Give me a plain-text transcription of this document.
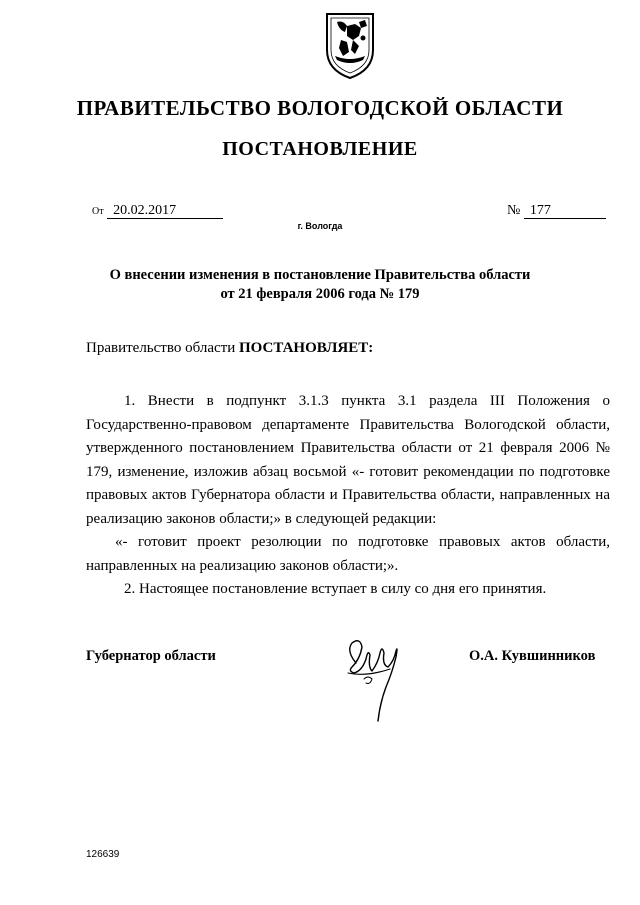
ПРАВИТЕЛЬСТВО ВОЛОГОДСКОЙ ОБЛАСТИ
ПОСТАНОВЛЕНИЕ
От 20.02.2017	№ 177
г. Вологда
О внесении изменения в постановление Правительства области
от 21 февраля 2006 года № 179
Правительство области ПОСТАНОВЛЯЕТ:

1. Внести в подпункт 3.1.3 пункта 3.1 раздела III Положения о Государственно-правовом департаменте Правительства Вологодской области, утвержденного постановлением Правительства области от 21 февраля 2006 № 179, изменение, изложив абзац восьмой «- готовит рекомендации по подготовке правовых актов Губернатора области и Правительства области, направленных на реализацию законов области;» в следующей редакции:

«- готовит проект резолюции по подготовке правовых актов области, направленных на реализацию законов области;».

2. Настоящее постановление вступает в силу со дня его принятия.

Губернатор области	О.А. Кувшинников
126639
